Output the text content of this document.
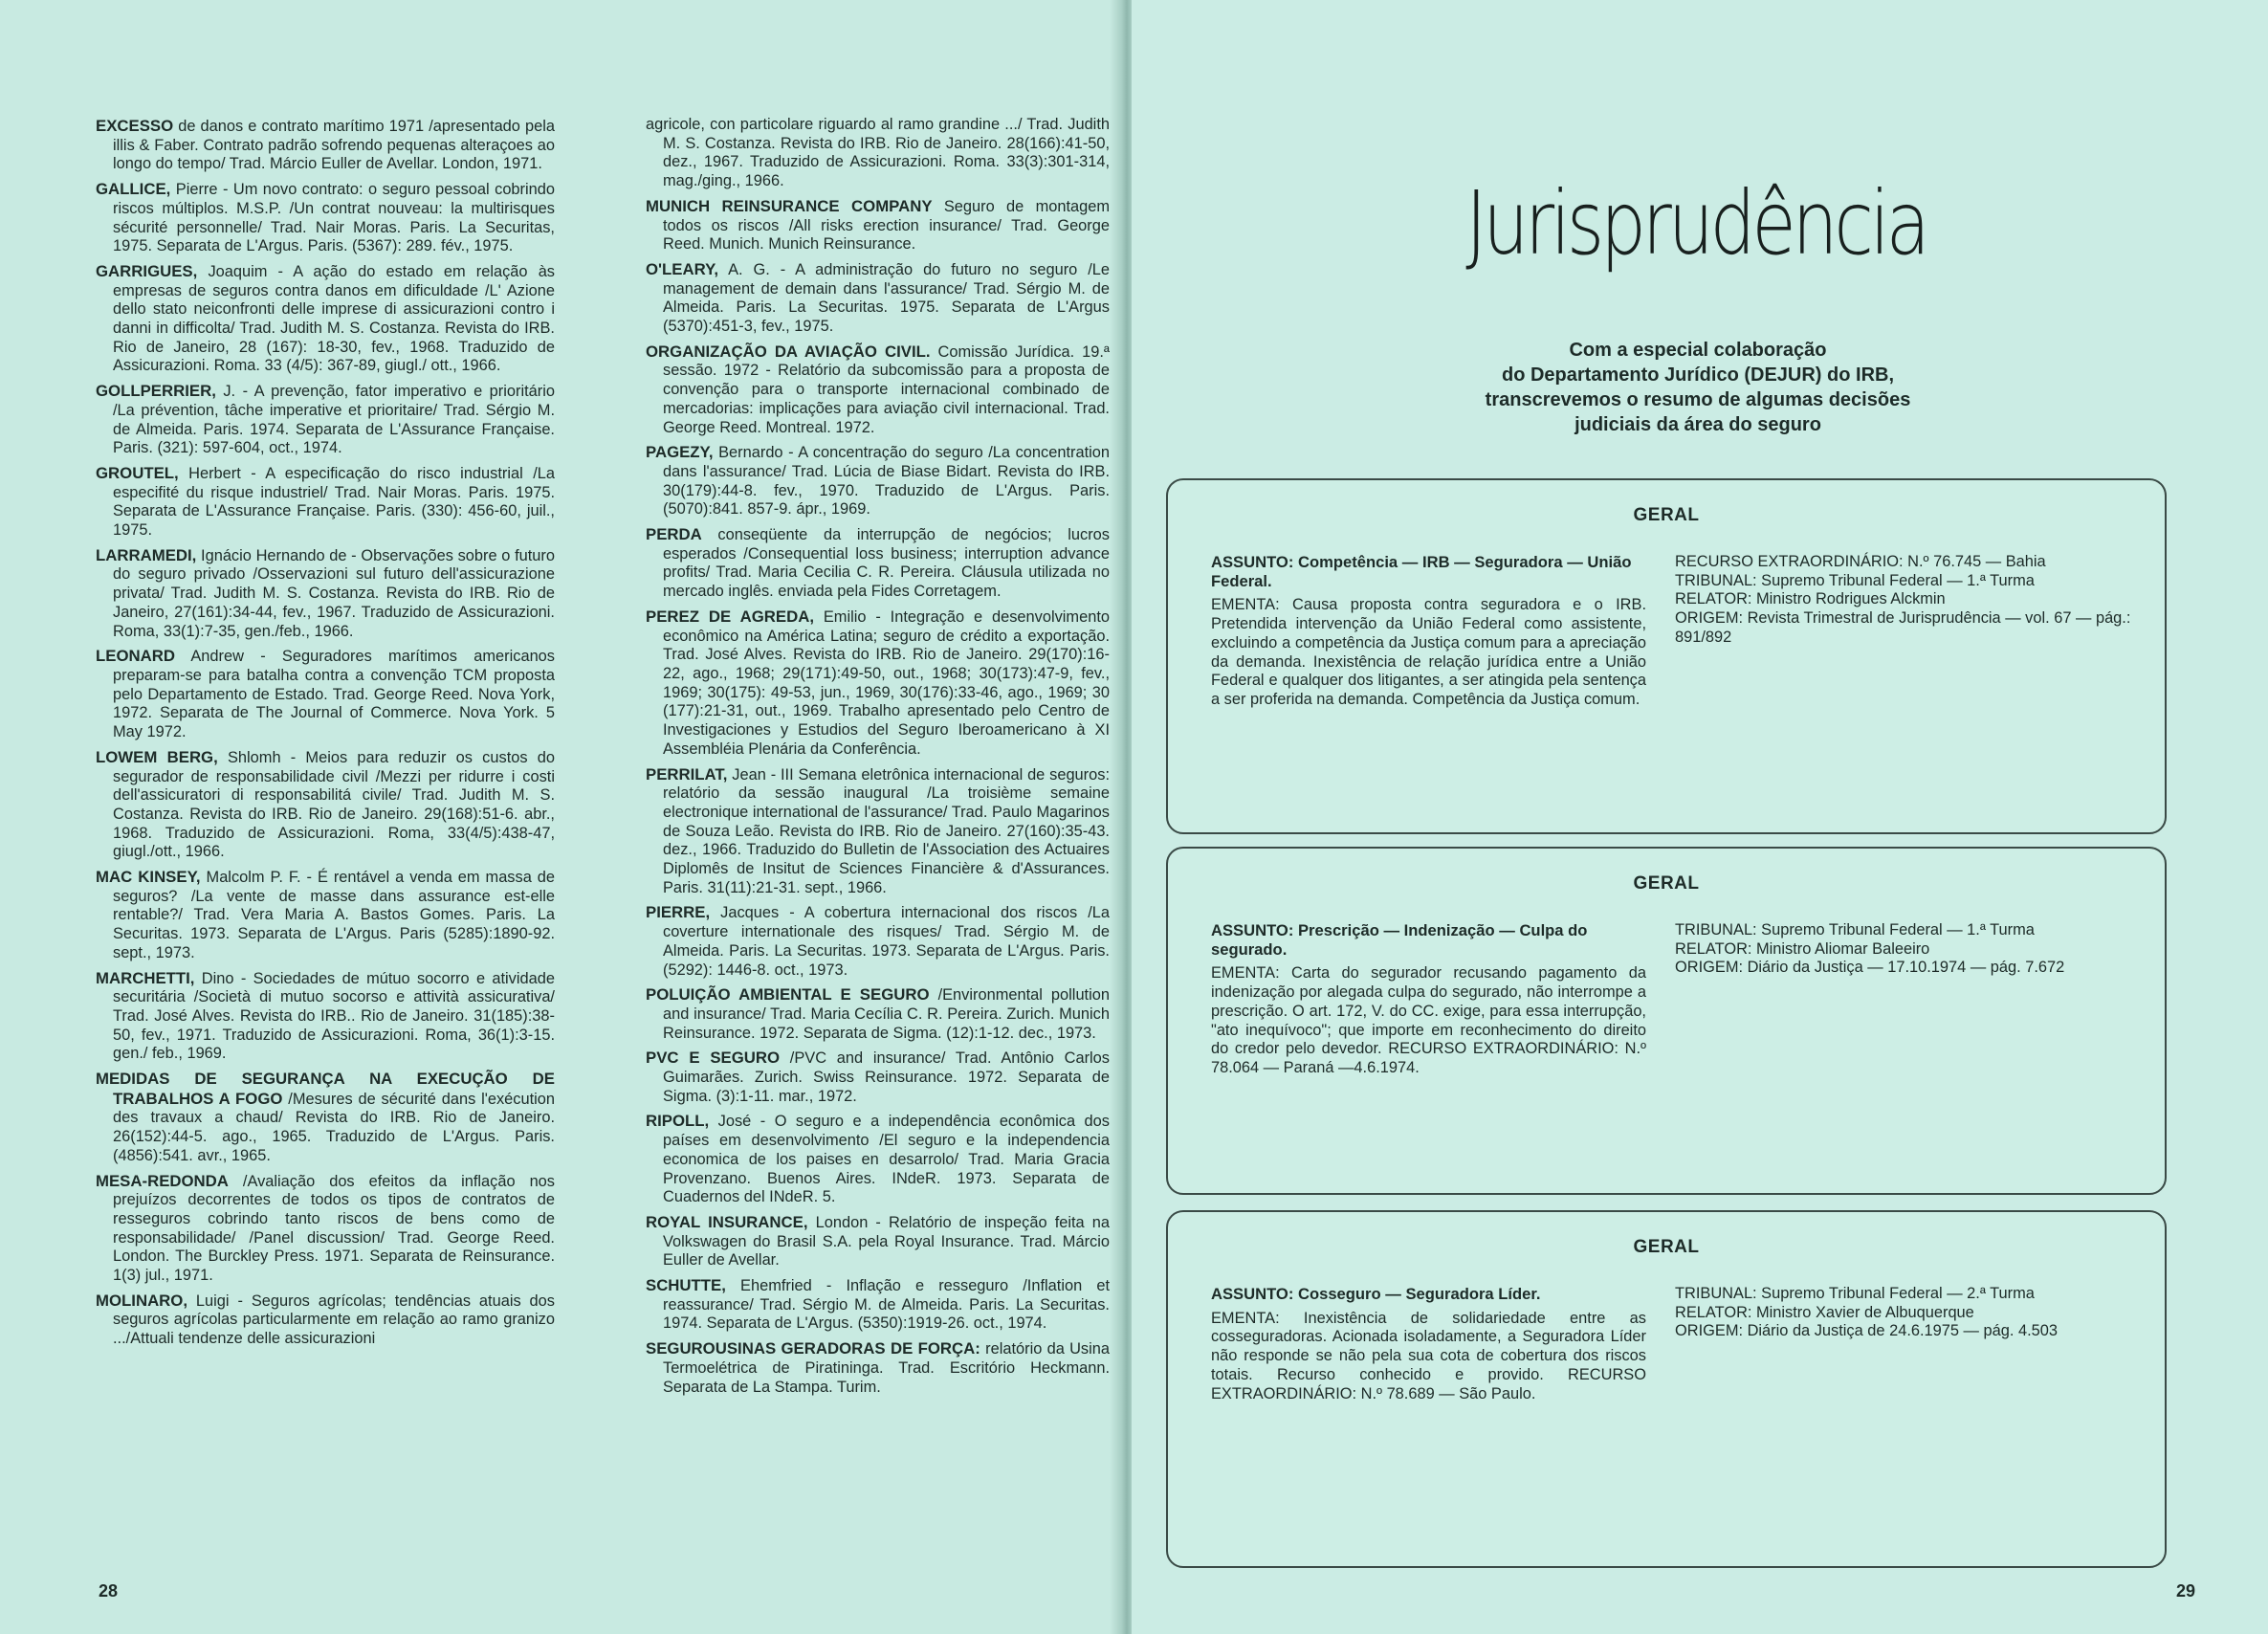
EXCESSO de danos e contrato marítimo 1971 /apresentado pela illis & Faber. Contrato padrão sofrendo pequenas alteraçoes ao longo do tempo/ Trad. Márcio Euller de Avellar. London, 1971.

GALLICE, Pierre - Um novo contrato: o seguro pessoal cobrindo riscos múltiplos. M.S.P. /Un contrat nouveau: la multirisques sécurité personnelle/ Trad. Nair Moras. Paris. La Securitas, 1975. Separata de L'Argus. Paris. (5367): 289. fév., 1975.

GARRIGUES, Joaquim - A ação do estado em relação às empresas de seguros contra danos em dificuldade /L' Azione dello stato neiconfronti delle imprese di assicurazioni contro i danni in difficolta/ Trad. Judith M. S. Costanza. Revista do IRB. Rio de Janeiro, 28 (167): 18-30, fev., 1968. Traduzido de Assicurazioni. Roma. 33 (4/5): 367-89, giugl./ ott., 1966.

GOLLPERRIER, J. - A prevenção, fator imperativo e prioritário /La prévention, tâche imperative et prioritaire/ Trad. Sérgio M. de Almeida. Paris. 1974. Separata de L'Assurance Française. Paris. (321): 597-604, oct., 1974.

GROUTEL, Herbert - A especificação do risco industrial /La especifité du risque industriel/ Trad. Nair Moras. Paris. 1975. Separata de L'Assurance Française. Paris. (330): 456-60, juil., 1975.

LARRAMEDI, Ignácio Hernando de - Observações sobre o futuro do seguro privado /Osservazioni sul futuro dell'assicurazione privata/ Trad. Judith M. S. Costanza. Revista do IRB. Rio de Janeiro, 27(161):34-44, fev., 1967. Traduzido de Assicurazioni. Roma, 33(1):7-35, gen./feb., 1966.

LEONARD Andrew - Seguradores marítimos americanos preparam-se para batalha contra a convenção TCM proposta pelo Departamento de Estado. Trad. George Reed. Nova York, 1972. Separata de The Journal of Commerce. Nova York. 5 May 1972.

LOWEM BERG, Shlomh - Meios para reduzir os custos do segurador de responsabilidade civil /Mezzi per ridurre i costi dell'assicuratori di responsabilitá civile/ Trad. Judith M. S. Costanza. Revista do IRB. Rio de Janeiro. 29(168):51-6. abr., 1968. Traduzido de Assicurazioni. Roma, 33(4/5):438-47, giugl./ott., 1966.

MAC KINSEY, Malcolm P. F. - É rentável a venda em massa de seguros? /La vente de masse dans assurance est-elle rentable?/ Trad. Vera Maria A. Bastos Gomes. Paris. La Securitas. 1973. Separata de L'Argus. Paris (5285):1890-92. sept., 1973.

MARCHETTI, Dino - Sociedades de mútuo socorro e atividade securitária /Società di mutuo socorso e attività assicurativa/ Trad. José Alves. Revista do IRB.. Rio de Janeiro. 31(185):38-50, fev., 1971. Traduzido de Assicurazioni. Roma, 36(1):3-15. gen./ feb., 1969.

MEDIDAS DE SEGURANÇA NA EXECUÇÃO DE TRABALHOS A FOGO /Mesures de sécurité dans l'exécution des travaux a chaud/ Revista do IRB. Rio de Janeiro. 26(152):44-5. ago., 1965. Traduzido de L'Argus. Paris. (4856):541. avr., 1965.

MESA-REDONDA /Avaliação dos efeitos da inflação nos prejuízos decorrentes de todos os tipos de contratos de resseguros cobrindo tanto riscos de bens como de responsabilidade/ /Panel discussion/ Trad. George Reed. London. The Burckley Press. 1971. Separata de Reinsurance. 1(3) jul., 1971.

MOLINARO, Luigi - Seguros agrícolas; tendências atuais dos seguros agrícolas particularmente em relação ao ramo granizo .../Attuali tendenze delle assicurazioni

agricole, con particolare riguardo al ramo grandine .../ Trad. Judith M. S. Costanza. Revista do IRB. Rio de Janeiro. 28(166):41-50, dez., 1967. Traduzido de Assicurazioni. Roma. 33(3):301-314, mag./ging., 1966.

MUNICH REINSURANCE COMPANY Seguro de montagem todos os riscos /All risks erection insurance/ Trad. George Reed. Munich. Munich Reinsurance.

O'LEARY, A. G. - A administração do futuro no seguro /Le management de demain dans l'assurance/ Trad. Sérgio M. de Almeida. Paris. La Securitas. 1975. Separata de L'Argus (5370):451-3, fev., 1975.

ORGANIZAÇÃO DA AVIAÇÃO CIVIL. Comissão Jurídica. 19.ª sessão. 1972 - Relatório da subcomissão para a proposta de convenção para o transporte internacional combinado de mercadorias: implicações para aviação civil internacional. Trad. George Reed. Montreal. 1972.

PAGEZY, Bernardo - A concentração do seguro /La concentration dans l'assurance/ Trad. Lúcia de Biase Bidart. Revista do IRB. 30(179):44-8. fev., 1970. Traduzido de L'Argus. Paris. (5070):841. 857-9. ápr., 1969.

PERDA conseqüente da interrupção de negócios; lucros esperados /Consequential loss business; interruption advance profits/ Trad. Maria Cecilia C. R. Pereira. Cláusula utilizada no mercado inglês. enviada pela Fides Corretagem.

PEREZ DE AGREDA, Emilio - Integração e desenvolvimento econômico na América Latina; seguro de crédito a exportação. Trad. José Alves. Revista do IRB. Rio de Janeiro. 29(170):16-22, ago., 1968; 29(171):49-50, out., 1968; 30(173):47-9, fev., 1969; 30(175): 49-53, jun., 1969, 30(176):33-46, ago., 1969; 30 (177):21-31, out., 1969. Trabalho apresentado pelo Centro de Investigaciones y Estudios del Seguro Iberoamericano à XI Assembléia Plenária da Conferência.

PERRILAT, Jean - III Semana eletrônica internacional de seguros: relatório da sessão inaugural /La troisième semaine electronique international de l'assurance/ Trad. Paulo Magarinos de Souza Leão. Revista do IRB. Rio de Janeiro. 27(160):35-43. dez., 1966. Traduzido do Bulletin de l'Association des Actuaires Diplomês de Insitut de Sciences Financière & d'Assurances. Paris. 31(11):21-31. sept., 1966.

PIERRE, Jacques - A cobertura internacional dos riscos /La coverture internationale des risques/ Trad. Sérgio M. de Almeida. Paris. La Securitas. 1973. Separata de L'Argus. Paris. (5292): 1446-8. oct., 1973.

POLUIÇÃO AMBIENTAL E SEGURO /Environmental pollution and insurance/ Trad. Maria Cecília C. R. Pereira. Zurich. Munich Reinsurance. 1972. Separata de Sigma. (12):1-12. dec., 1973.

PVC E SEGURO /PVC and insurance/ Trad. Antônio Carlos Guimarães. Zurich. Swiss Reinsurance. 1972. Separata de Sigma. (3):1-11. mar., 1972.

RIPOLL, José - O seguro e a independência econômica dos países em desenvolvimento /El seguro e la independencia economica de los paises en desarrolo/ Trad. Maria Gracia Provenzano. Buenos Aires. INdeR. 1973. Separata de Cuadernos del INdeR. 5.

ROYAL INSURANCE, London - Relatório de inspeção feita na Volkswagen do Brasil S.A. pela Royal Insurance. Trad. Márcio Euller de Avellar.

SCHUTTE, Ehemfried - Inflação e resseguro /Inflation et reassurance/ Trad. Sérgio M. de Almeida. Paris. La Securitas. 1974. Separata de L'Argus. (5350):1919-26. oct., 1974.

SEGUROUSINAS GERADORAS DE FORÇA: relatório da Usina Termoelétrica de Piratininga. Trad. Escritório Heckmann. Separata de La Stampa. Turim.

28
Jurisprudência
Com a especial colaboração
do Departamento Jurídico (DEJUR) do IRB,
transcrevemos o resumo de algumas decisões
judiciais da área do seguro
GERAL
ASSUNTO: Competência — IRB — Seguradora — União Federal.
EMENTA: Causa proposta contra seguradora e o IRB. Pretendida intervenção da União Federal como assistente, excluindo a competência da Justiça comum para a apreciação da demanda. Inexistência de relação jurídica entre a União Federal e qualquer dos litigantes, a ser atingida pela sentença a ser proferida na demanda. Competência da Justiça comum.

RECURSO EXTRAORDINÁRIO: N.º 76.745 — Bahia

TRIBUNAL: Supremo Tribunal Federal — 1.ª Turma

RELATOR: Ministro Rodrigues Alckmin

ORIGEM: Revista Trimestral de Jurisprudência — vol. 67 — pág.: 891/892

GERAL
ASSUNTO: Prescrição — Indenização — Culpa do segurado.
EMENTA: Carta do segurador recusando pagamento da indenização por alegada culpa do segurado, não interrompe a prescrição. O art. 172, V. do CC. exige, para essa interrupção, "ato inequívoco"; que importe em reconhecimento do direito do credor pelo devedor. RECURSO EXTRAORDINÁRIO: N.º 78.064 — Paraná —4.6.1974.

TRIBUNAL: Supremo Tribunal Federal — 1.ª Turma

RELATOR: Ministro Aliomar Baleeiro

ORIGEM: Diário da Justiça — 17.10.1974 — pág. 7.672

GERAL
ASSUNTO: Cosseguro — Seguradora Líder.
EMENTA: Inexistência de solidariedade entre as cosseguradoras. Acionada isoladamente, a Seguradora Líder não responde se não pela sua cota de cobertura dos riscos totais. Recurso conhecido e provido. RECURSO EXTRAORDINÁRIO: N.º 78.689 — São Paulo.

TRIBUNAL: Supremo Tribunal Federal — 2.ª Turma

RELATOR: Ministro Xavier de Albuquerque

ORIGEM: Diário da Justiça de 24.6.1975 — pág. 4.503

29
